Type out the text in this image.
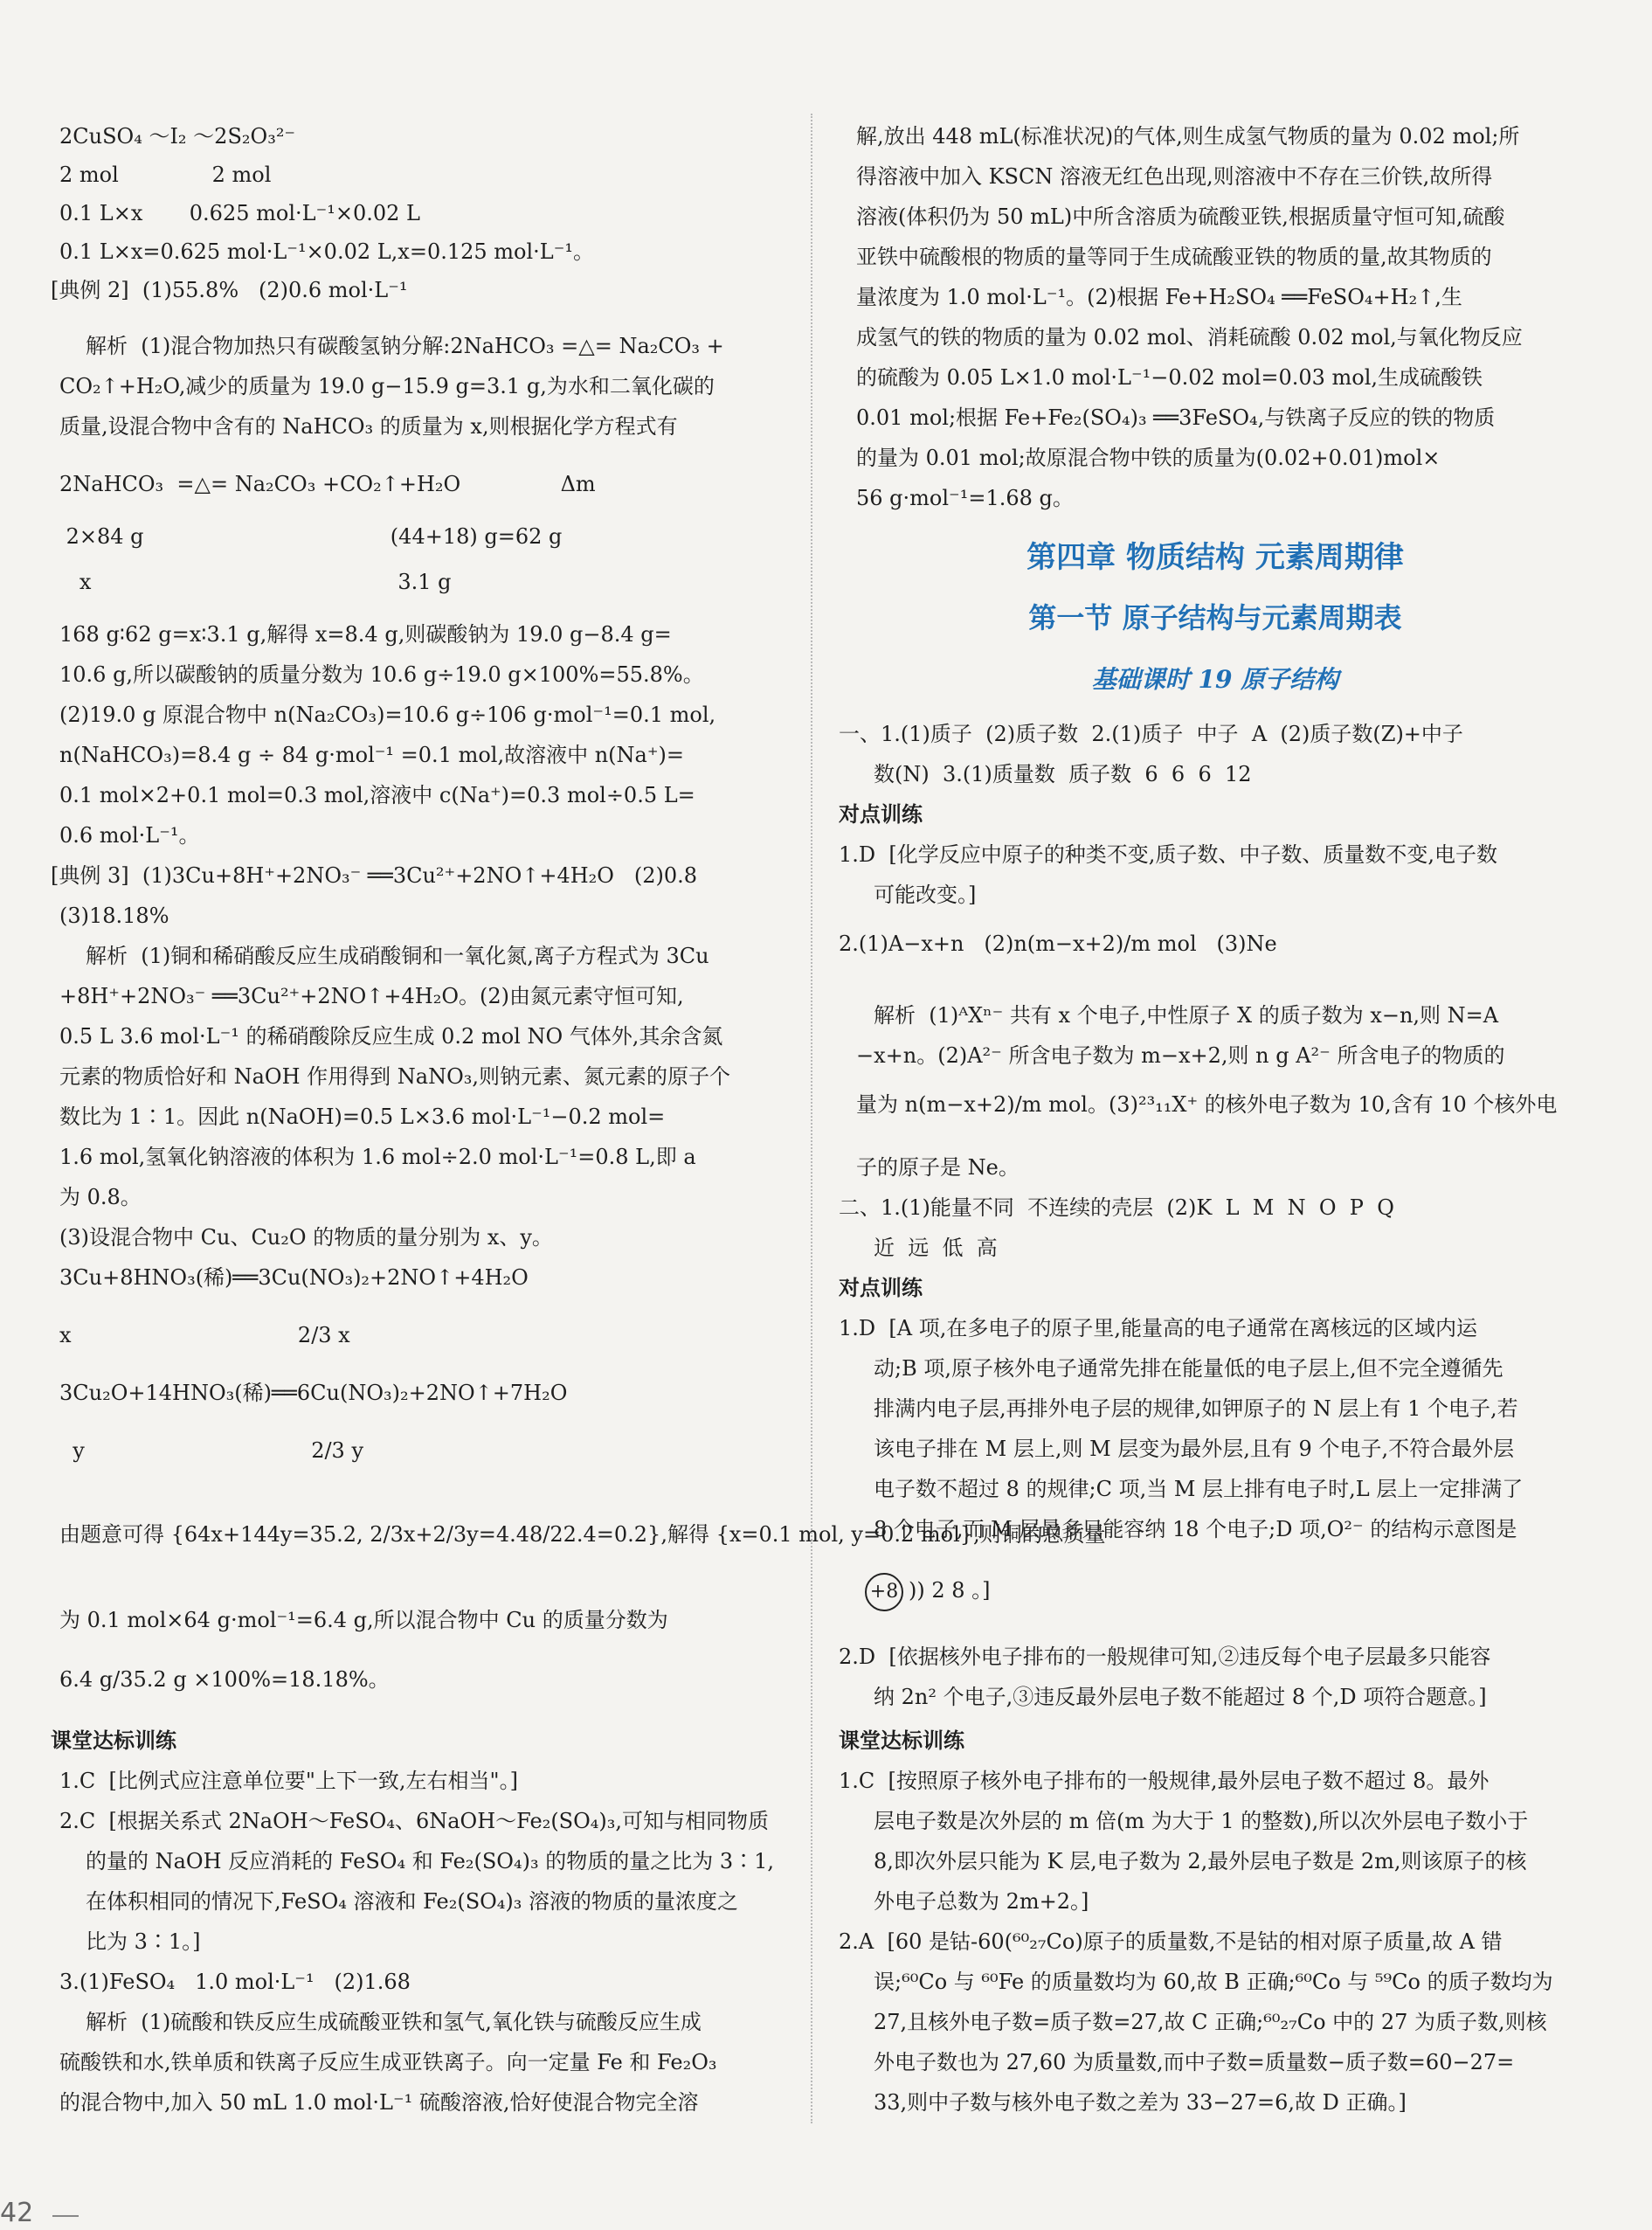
2CuSO₄ ～I₂ ～2S₂O₃²⁻
2 mol              2 mol
0.1 L×x       0.625 mol·L⁻¹×0.02 L
0.1 L×x=0.625 mol·L⁻¹×0.02 L,x=0.125 mol·L⁻¹。
[典例 2]  (1)55.8%   (2)0.6 mol·L⁻¹
解析  (1)混合物加热只有碳酸氢钠分解:2NaHCO₃ =△= Na₂CO₃ +
CO₂↑+H₂O,减少的质量为 19.0 g−15.9 g=3.1 g,为水和二氧化碳的
质量,设混合物中含有的 NaHCO₃ 的质量为 x,则根据化学方程式有
2NaHCO₃  =△= Na₂CO₃ +CO₂↑+H₂O               Δm
2×84 g                                     (44+18) g=62 g
x                                              3.1 g
168 g∶62 g=x∶3.1 g,解得 x=8.4 g,则碳酸钠为 19.0 g−8.4 g=
10.6 g,所以碳酸钠的质量分数为 10.6 g÷19.0 g×100%=55.8%。
(2)19.0 g 原混合物中 n(Na₂CO₃)=10.6 g÷106 g·mol⁻¹=0.1 mol,
n(NaHCO₃)=8.4 g ÷ 84 g·mol⁻¹ =0.1 mol,故溶液中 n(Na⁺)=
0.1 mol×2+0.1 mol=0.3 mol,溶液中 c(Na⁺)=0.3 mol÷0.5 L=
0.6 mol·L⁻¹。
[典例 3]  (1)3Cu+8H⁺+2NO₃⁻ ══3Cu²⁺+2NO↑+4H₂O   (2)0.8
(3)18.18%
解析  (1)铜和稀硝酸反应生成硝酸铜和一氧化氮,离子方程式为 3Cu
+8H⁺+2NO₃⁻ ══3Cu²⁺+2NO↑+4H₂O。(2)由氮元素守恒可知,
0.5 L 3.6 mol·L⁻¹ 的稀硝酸除反应生成 0.2 mol NO 气体外,其余含氮
元素的物质恰好和 NaOH 作用得到 NaNO₃,则钠元素、氮元素的原子个
数比为 1∶1。因此 n(NaOH)=0.5 L×3.6 mol·L⁻¹−0.2 mol=
1.6 mol,氢氧化钠溶液的体积为 1.6 mol÷2.0 mol·L⁻¹=0.8 L,即 a
为 0.8。
(3)设混合物中 Cu、Cu₂O 的物质的量分别为 x、y。
3Cu+8HNO₃(稀)══3Cu(NO₃)₂+2NO↑+4H₂O
x                                  2/3 x
3Cu₂O+14HNO₃(稀)══6Cu(NO₃)₂+2NO↑+7H₂O
y                                  2/3 y
由题意可得 {64x+144y=35.2, 2/3x+2/3y=4.48/22.4=0.2},解得 {x=0.1 mol, y=0.2 mol},则铜的总质量
为 0.1 mol×64 g·mol⁻¹=6.4 g,所以混合物中 Cu 的质量分数为
6.4 g/35.2 g ×100%=18.18%。
课堂达标训练
1.C  [比例式应注意单位要"上下一致,左右相当"。]
2.C  [根据关系式 2NaOH～FeSO₄、6NaOH～Fe₂(SO₄)₃,可知与相同物质
的量的 NaOH 反应消耗的 FeSO₄ 和 Fe₂(SO₄)₃ 的物质的量之比为 3∶1,
在体积相同的情况下,FeSO₄ 溶液和 Fe₂(SO₄)₃ 溶液的物质的量浓度之
比为 3∶1。]
3.(1)FeSO₄   1.0 mol·L⁻¹   (2)1.68
解析  (1)硫酸和铁反应生成硫酸亚铁和氢气,氧化铁与硫酸反应生成
硫酸铁和水,铁单质和铁离子反应生成亚铁离子。向一定量 Fe 和 Fe₂O₃
的混合物中,加入 50 mL 1.0 mol·L⁻¹ 硫酸溶液,恰好使混合物完全溶
解,放出 448 mL(标准状况)的气体,则生成氢气物质的量为 0.02 mol;所
得溶液中加入 KSCN 溶液无红色出现,则溶液中不存在三价铁,故所得
溶液(体积仍为 50 mL)中所含溶质为硫酸亚铁,根据质量守恒可知,硫酸
亚铁中硫酸根的物质的量等同于生成硫酸亚铁的物质的量,故其物质的
量浓度为 1.0 mol·L⁻¹。(2)根据 Fe+H₂SO₄ ══FeSO₄+H₂↑,生
成氢气的铁的物质的量为 0.02 mol、消耗硫酸 0.02 mol,与氧化物反应
的硫酸为 0.05 L×1.0 mol·L⁻¹−0.02 mol=0.03 mol,生成硫酸铁
0.01 mol;根据 Fe+Fe₂(SO₄)₃ ══3FeSO₄,与铁离子反应的铁的物质
的量为 0.01 mol;故原混合物中铁的质量为(0.02+0.01)mol×
56 g·mol⁻¹=1.68 g。
第四章 物质结构 元素周期律
第一节 原子结构与元素周期表
基础课时 19 原子结构
一、1.(1)质子  (2)质子数  2.(1)质子  中子  A  (2)质子数(Z)+中子
数(N)  3.(1)质量数  质子数  6  6  6  12
对点训练
1.D  [化学反应中原子的种类不变,质子数、中子数、质量数不变,电子数
可能改变。]
2.(1)A−x+n   (2)n(m−x+2)/m mol   (3)Ne
解析  (1)ᴬXⁿ⁻ 共有 x 个电子,中性原子 X 的质子数为 x−n,则 N=A
−x+n。(2)A²⁻ 所含电子数为 m−x+2,则 n g A²⁻ 所含电子的物质的
量为 n(m−x+2)/m mol。(3)²³₁₁X⁺ 的核外电子数为 10,含有 10 个核外电
子的原子是 Ne。
二、1.(1)能量不同  不连续的壳层  (2)K  L  M  N  O  P  Q
近  远  低  高
对点训练
1.D  [A 项,在多电子的原子里,能量高的电子通常在离核远的区域内运
动;B 项,原子核外电子通常先排在能量低的电子层上,但不完全遵循先
排满内电子层,再排外电子层的规律,如钾原子的 N 层上有 1 个电子,若
该电子排在 M 层上,则 M 层变为最外层,且有 9 个电子,不符合最外层
电子数不超过 8 的规律;C 项,当 M 层上排有电子时,L 层上一定排满了
8 个电子,而 M 层最多只能容纳 18 个电子;D 项,O²⁻ 的结构示意图是
+8 )) 2 8 。]
2.D  [依据核外电子排布的一般规律可知,②违反每个电子层最多只能容
纳 2n² 个电子,③违反最外层电子数不能超过 8 个,D 项符合题意。]
课堂达标训练
1.C  [按照原子核外电子排布的一般规律,最外层电子数不超过 8。最外
层电子数是次外层的 m 倍(m 为大于 1 的整数),所以次外层电子数小于
8,即次外层只能为 K 层,电子数为 2,最外层电子数是 2m,则该原子的核
外电子总数为 2m+2。]
2.A  [60 是钴-60(⁶⁰₂₇Co)原子的质量数,不是钴的相对原子质量,故 A 错
误;⁶⁰Co 与 ⁶⁰Fe 的质量数均为 60,故 B 正确;⁶⁰Co 与 ⁵⁹Co 的质子数均为
27,且核外电子数=质子数=27,故 C 正确;⁶⁰₂₇Co 中的 27 为质子数,则核
外电子数也为 27,60 为质量数,而中子数=质量数−质子数=60−27=
33,则中子数与核外电子数之差为 33−27=6,故 D 正确。]
42
